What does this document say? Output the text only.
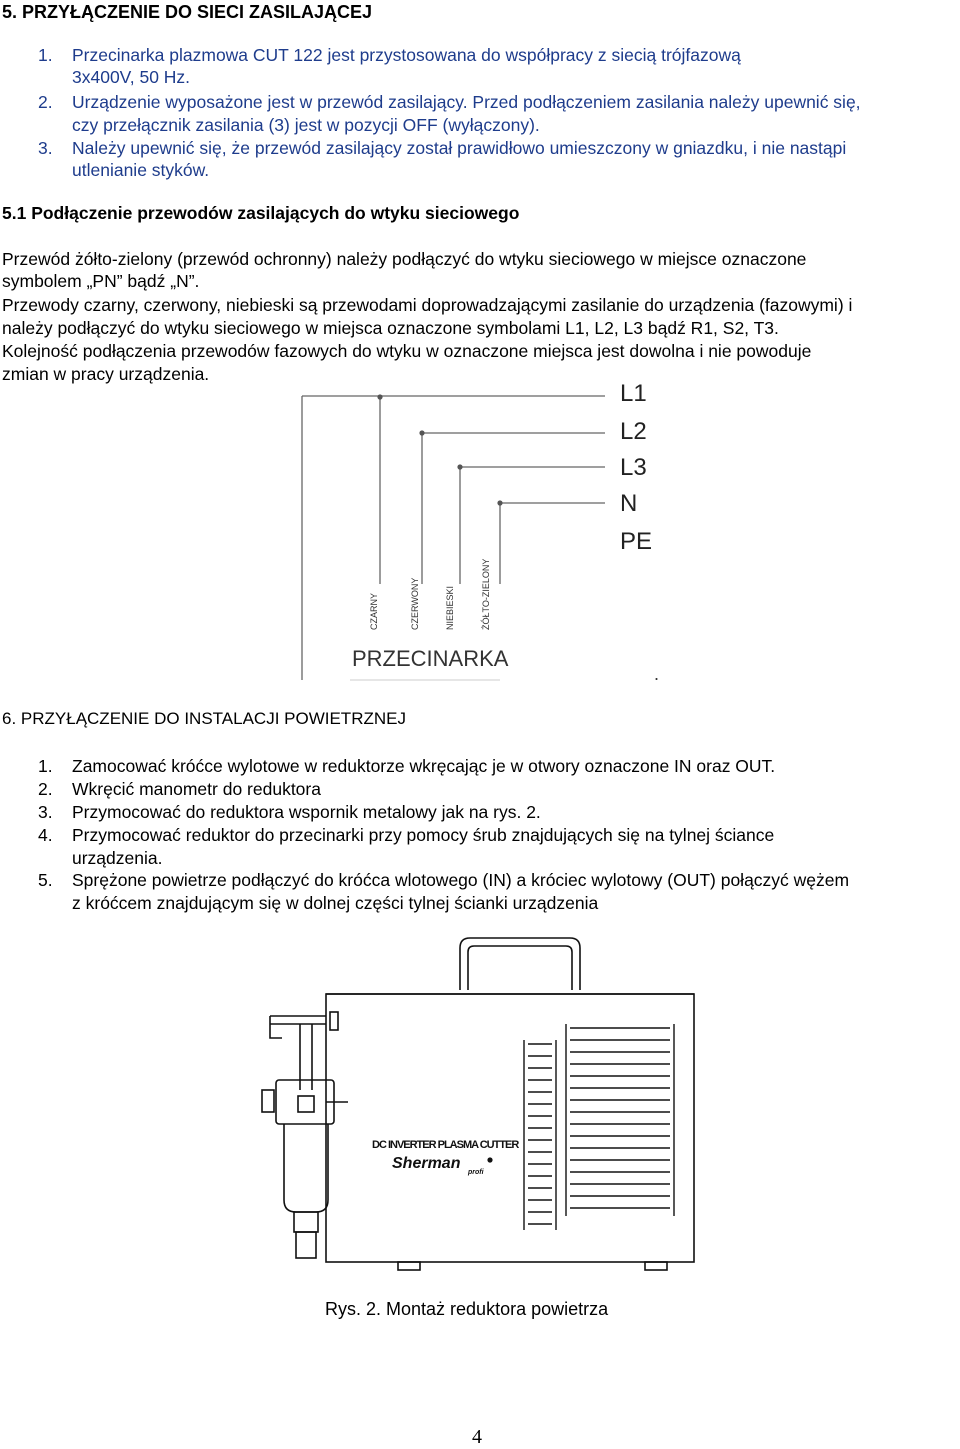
5. PRZYŁĄCZENIE DO SIECI ZASILAJĄCEJ
1. Przecinarka plazmowa CUT 122 jest przystosowana do współpracy z siecią trójfazową
3x400V, 50 Hz.
2. Urządzenie wyposażone jest w przewód zasilający. Przed podłączeniem zasilania należy upewnić się,
czy przełącznik zasilania (3) jest w pozycji OFF (wyłączony).
3. Należy upewnić się, że przewód zasilający został prawidłowo umieszczony w gniazdku, i nie nastąpi
utlenianie styków.
5.1 Podłączenie przewodów zasilających do wtyku sieciowego
Przewód żółto-zielony (przewód ochronny) należy podłączyć do wtyku sieciowego w miejsce oznaczone
symbolem „PN” bądź „N”.
Przewody czarny, czerwony, niebieski są przewodami doprowadzającymi zasilanie do urządzenia (fazowymi) i
należy podłączyć do wtyku sieciowego w miejsca oznaczone symbolami L1, L2, L3 bądź R1, S2, T3.
Kolejność podłączenia przewodów fazowych do wtyku w oznaczone miejsca jest dowolna i nie powoduje
zmian w pracy urządzenia.
L1
L2
L3
N
PE
CZARNY	CZERWONY	NIEBIESKI	ŻÓŁTO-ZIELONY
PRZECINARKA
.
6. PRZYŁĄCZENIE DO INSTALACJI POWIETRZNEJ
1. Zamocować króćce wylotowe w reduktorze wkręcając je w otwory oznaczone IN oraz OUT.
2. Wkręcić manometr do reduktora
3. Przymocować do reduktora wspornik metalowy jak na rys. 2.
4. Przymocować reduktor do przecinarki przy pomocy śrub znajdujących się na tylnej ściance
urządzenia.
5. Sprężone powietrze podłączyć do króćca wlotowego (IN) a króciec wylotowy (OUT) połączyć wężem
z króćcem znajdującym się w dolnej części tylnej ścianki urządzenia
DC INVERTER PLASMA CUTTER
Sherman
profi
Rys. 2. Montaż reduktora powietrza
4
